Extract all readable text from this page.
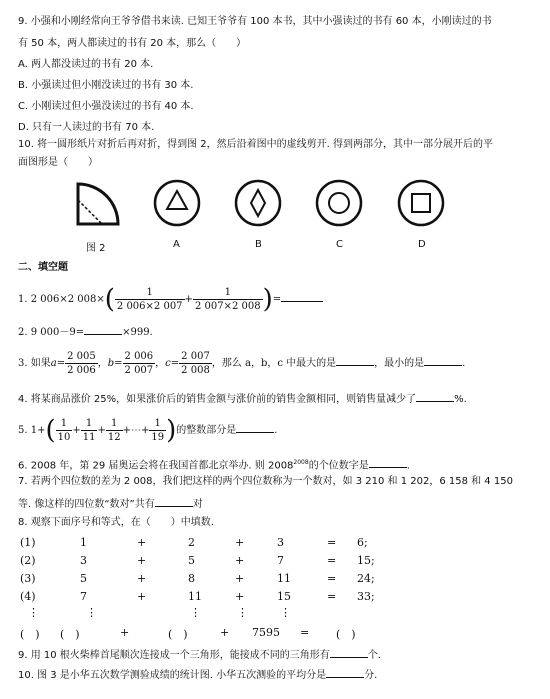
9. 小强和小刚经常向王爷爷借书来读. 已知王爷爷有 100 本书，其中小强读过的书有 60 本，小刚读过的书
有 50 本，两人都读过的书有 20 本，那么（　　）
A. 两人都没读过的书有 20 本.
B. 小强读过但小刚没读过的书有 30 本.
C. 小刚读过但小强没读过的书有 40 本.
D. 只有一人读过的书有 70 本.
10. 将一圆形纸片对折后再对折，得到图 2，然后沿着图中的虚线剪开. 得到两部分，其中一部分展开后的平
面图形是（　　）
图 2	A	B	C	D
二、填空题
1. 2 006×2 $008\times( \frac{1}{2 006\times 2 007} + \frac{1}{2 007\times 2 008}$ )=
2. 9 000－9=	×999.
3. 如果$a= \frac{2 005}{2 006}$ ，$b= \frac{2 006}{2 007}$ ，$c= \frac{2 007}{2 008}$ ，那么 a，b，c 中最大的是	，最小的是	.
4. 将某商品涨价 25%，如果涨价后的销售金额与涨价前的销售金额相同，则销售量减少了	%.
5. $1+( \frac{1}{10} + \frac{1}{11} + \frac{1}{12}$ +⋯+ $\frac{1}{19}$ )的整数部分是	.
6. 2008 年，第 29 届奥运会将在我国首都北京举办. 则 $2008^{2008}$的个位数字是	.
7. 若两个四位数的差为 2 008，我们把这样的两个四位数称为一个数对，如 3 210 和 1 202，6 158 和 4 150
等. 像这样的四位数“数对”共有	对
8. 观察下面序号和等式，在（　　）中填数.
(1)	1	+	2	+	3	= 6;
(2)	3	+	5	+	7	= 15;
(3)	5	+	8	+	11	= 24;
(4)	7	+	11	+	15	= 33;
⋮	⋮	⋮	⋮	⋮
(　) (　)	+	(　)	+ 7595 = (　)
9. 用 10 根火柴棒首尾顺次连接成一个三角形，能接成不同的三角形有	个.
10. 图 3 是小华五次数学测验成绩的统计图. 小华五次测验的平均分是	分.
